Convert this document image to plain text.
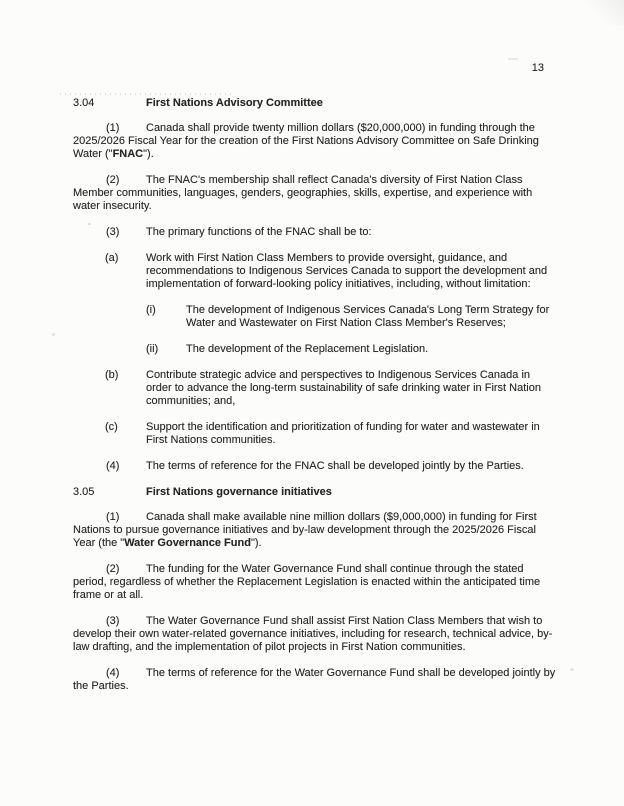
13
3.04	First Nations Advisory Committee

(1) Canada shall provide twenty million dollars ($20,000,000) in funding through the 2025/2026 Fiscal Year for the creation of the First Nations Advisory Committee on Safe Drinking Water ("FNAC").

(2) The FNAC's membership shall reflect Canada's diversity of First Nation Class Member communities, languages, genders, geographies, skills, expertise, and experience with water insecurity.

(3) The primary functions of the FNAC shall be to:

(a)	Work with First Nation Class Members to provide oversight, guidance, and recommendations to Indigenous Services Canada to support the development and implementation of forward-looking policy initiatives, including, without limitation:

(i)	The development of Indigenous Services Canada's Long Term Strategy for Water and Wastewater on First Nation Class Member's Reserves;

(ii)	The development of the Replacement Legislation.

(b)	Contribute strategic advice and perspectives to Indigenous Services Canada in order to advance the long-term sustainability of safe drinking water in First Nation communities; and,

(c)	Support the identification and prioritization of funding for water and wastewater in First Nations communities.

(4) The terms of reference for the FNAC shall be developed jointly by the Parties.

3.05	First Nations governance initiatives

(1) Canada shall make available nine million dollars ($9,000,000) in funding for First Nations to pursue governance initiatives and by-law development through the 2025/2026 Fiscal Year (the "Water Governance Fund").

(2) The funding for the Water Governance Fund shall continue through the stated period, regardless of whether the Replacement Legislation is enacted within the anticipated time frame or at all.

(3) The Water Governance Fund shall assist First Nation Class Members that wish to develop their own water-related governance initiatives, including for research, technical advice, by-law drafting, and the implementation of pilot projects in First Nation communities.

(4) The terms of reference for the Water Governance Fund shall be developed jointly by the Parties.
